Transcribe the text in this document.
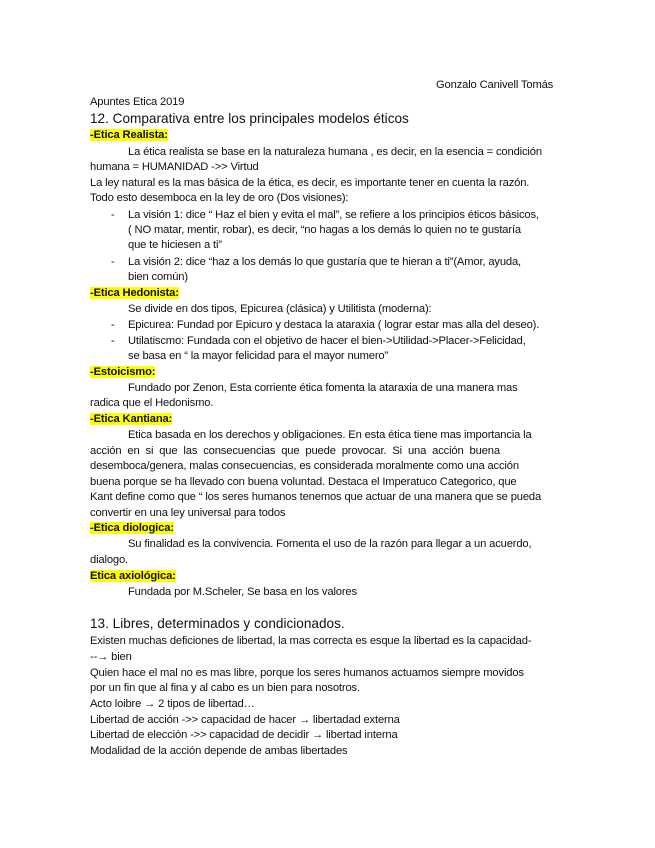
Gonzalo Canivell Tomás
Apuntes Etica 2019
12. Comparativa entre los principales modelos éticos
-Etica Realista:
La ética realista se base en la naturaleza humana , es decir, en la esencia = condición
humana = HUMANIDAD ->> Virtud
La ley natural es la mas básica de la ética, es decir, es importante tener en cuenta la razón.
Todo esto desemboca en la ley de oro (Dos visiones):
- La visión 1: dice “ Haz el bien y evita el mal”, se refiere a los principios éticos básicos,
( NO matar, mentir, robar), es decir, “no hagas a los demás lo quien no te gustaría
que te hiciesen a ti”
- La visión 2: dice “haz a los demás lo que gustaría que te hieran a ti”(Amor, ayuda,
bien común)
-Etica Hedonista:
Se divide en dos tipos, Epicurea (clásica) y Utilitista (moderna):
- Epicurea: Fundad por Epicuro y destaca la ataraxia ( lograr estar mas alla del deseo).
- Utilatiscmo: Fundada con el objetivo de hacer el bien->Utilidad->Placer->Felicidad,
se basa en “ la mayor felicidad para el mayor numero”
-Estoicismo:
Fundado por Zenon, Esta corriente ética fomenta la ataraxia de una manera mas
radica que el Hedonismo.
-Etica Kantiana:
Etica basada en los derechos y obligaciones. En esta ética tiene mas importancia la
acción en si que las consecuencias que puede provocar. Si una acción buena
desemboca/genera, malas consecuencias, es considerada moralmente como una acción
buena porque se ha llevado con buena voluntad. Destaca el Imperatuco Categorico, que
Kant define como que “ los seres humanos tenemos que actuar de una manera que se pueda
convertir en una ley universal para todos
-Etica diologica:
Su finalidad es la convivencia. Fomenta el uso de la razón para llegar a un acuerdo,
dialogo.
Etica axiológica:
Fundada por M.Scheler, Se basa en los valores
13. Libres, determinados y condicionados.
Existen muchas deficiones de libertad, la mas correcta es esque la libertad es la capacidad-
--→ bien
Quien hace el mal no es mas libre, porque los seres humanos actuamos siempre movidos
por un fin que al fina y al cabo es un bien para nosotros.
Acto loibre → 2 tipos de libertad…
Libertad de acción ->> capacidad de hacer → libertadad externa
Libertad de elección ->> capacidad de decidir → libertad interna
Modalidad de la acción depende de ambas libertades
